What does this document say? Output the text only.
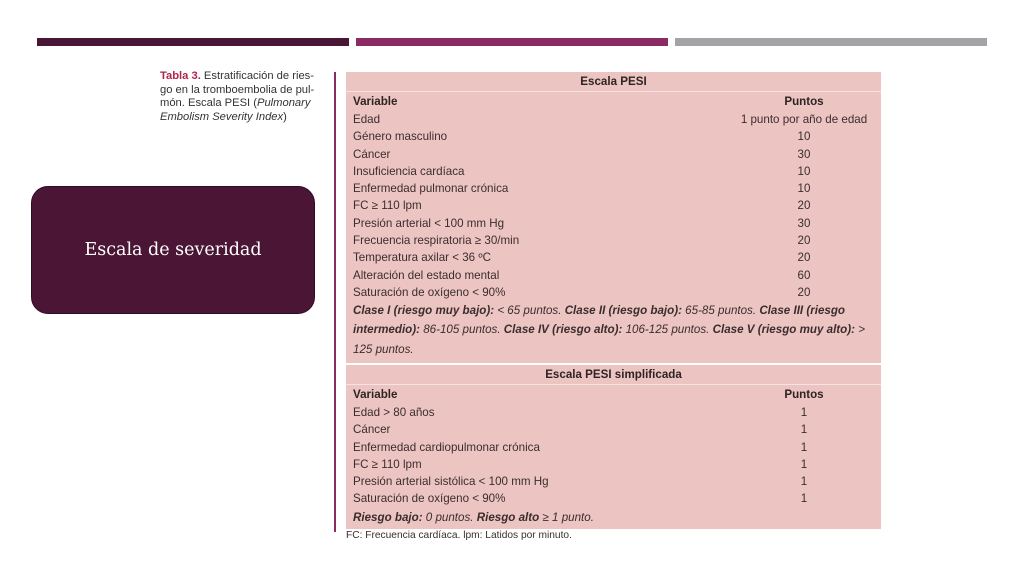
Tabla 3. Estratificación de ries-
go en la tromboembolia de pul-
món. Escala PESI (Pulmonary
Embolism Severity Index)
Escala de severidad
Escala PESI
Variable	Puntos
Edad	1 punto por año de edad
Género masculino	10
Cáncer	30
Insuficiencia cardíaca	10
Enfermedad pulmonar crónica	10
FC ≥ 110 lpm	20
Presión arterial < 100 mm Hg	30
Frecuencia respiratoria ≥ 30/min	20
Temperatura axilar < 36 ºC	20
Alteración del estado mental	60
Saturación de oxígeno < 90%	20
Clase I (riesgo muy bajo): < 65 puntos. Clase II (riesgo bajo): 65-85 puntos. Clase III (riesgo intermedio): 86-105 puntos. Clase IV (riesgo alto): 106-125 puntos. Clase V (riesgo muy alto): > 125 puntos.
Escala PESI simplificada
Variable	Puntos
Edad > 80 años	1
Cáncer	1
Enfermedad cardiopulmonar crónica	1
FC ≥ 110 lpm	1
Presión arterial sistólica < 100 mm Hg	1
Saturación de oxígeno < 90%	1
Riesgo bajo: 0 puntos. Riesgo alto ≥ 1 punto.
FC: Frecuencia cardíaca. lpm: Latidos por minuto.
